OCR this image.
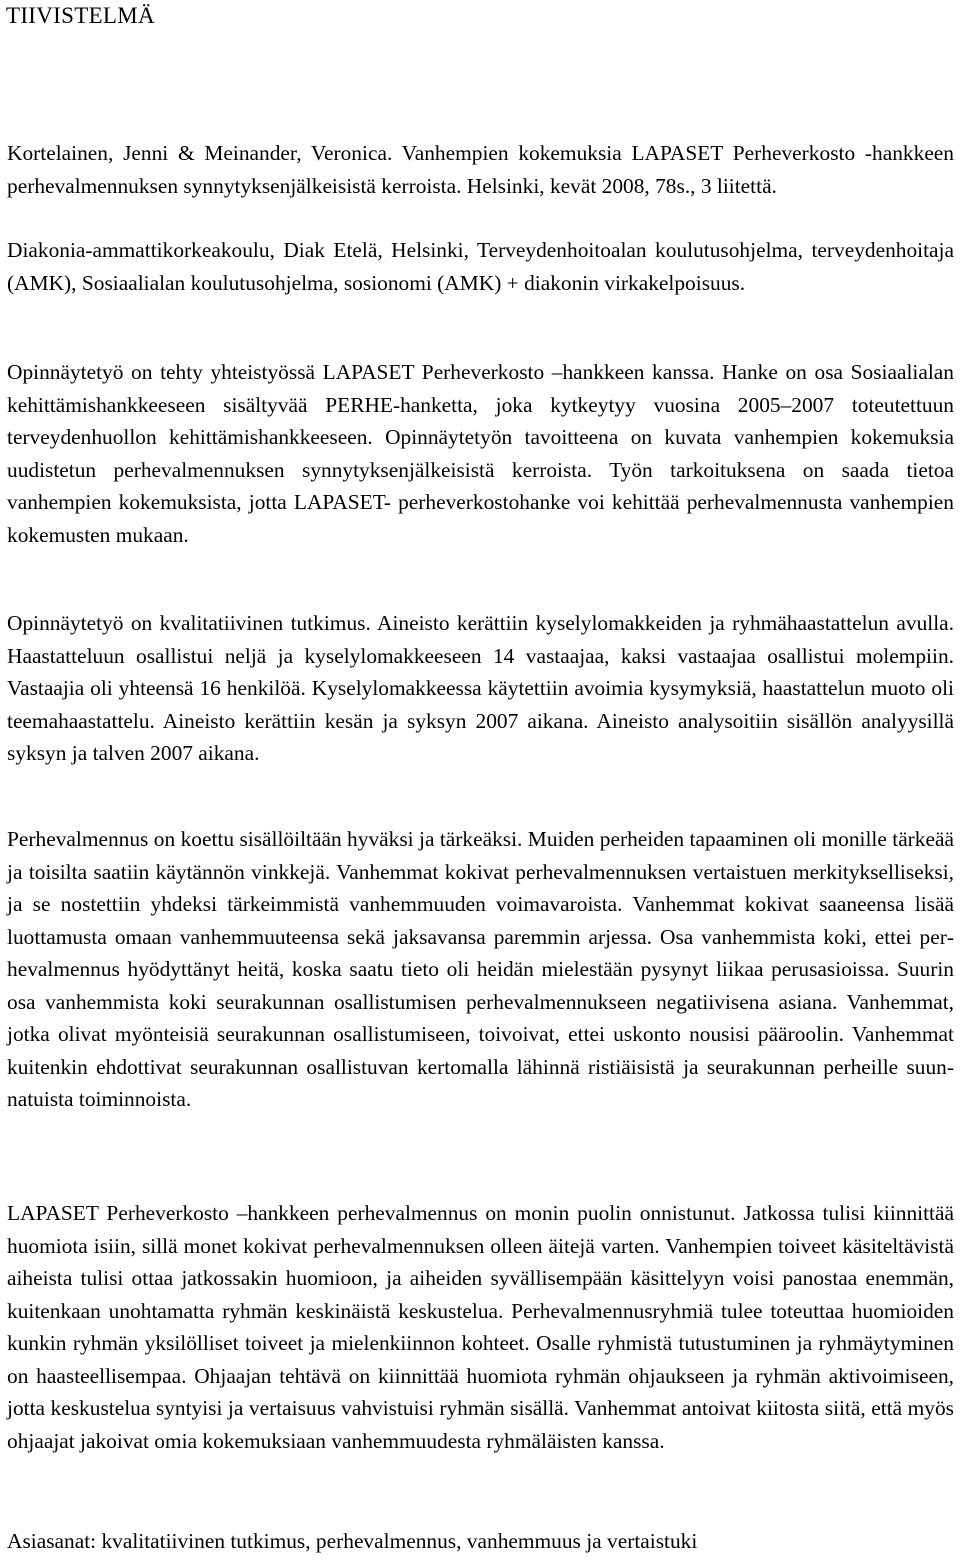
TIIVISTELMÄ

Kortelainen, Jenni & Meinander, Veronica. Vanhempien kokemuksia LAPASET Perheverkosto -hankkeen perhevalmennuksen synnytyksenjälkeisistä kerroista. Helsinki, kevät 2008, 78s., 3 liitettä.

Diakonia-ammattikorkeakoulu, Diak Etelä, Helsinki, Terveydenhoitoalan koulutusohjelma, terveydenhoitaja (AMK), Sosiaalialan koulutusohjelma, sosionomi (AMK) + diakonin virkakelpoisuus.

Opinnäytetyö on tehty yhteistyössä LAPASET Perheverkosto –hankkeen kanssa. Hanke on osa Sosiaalialan kehittämishankkeeseen sisältyvää PERHE-hanketta, joka kytkeytyy vuosina 2005–2007 toteutettuun terveydenhuollon kehittämishankkeeseen. Opinnäytetyön tavoitteena on kuvata vanhempien kokemuksia uudistetun perhevalmennuksen synnytyksenjälkeisistä kerroista. Työn tarkoituksena on saada tietoa vanhempien kokemuksista, jotta LAPASET- perheverkostohanke voi kehittää perhevalmennusta vanhempien kokemusten mukaan.

Opinnäytetyö on kvalitatiivinen tutkimus. Aineisto kerättiin kyselylomakkeiden ja ryhmähaastattelun avulla. Haastatteluun osallistui neljä ja kyselylomakkeeseen 14 vastaajaa, kaksi vastaajaa osallistui molempiin. Vastaajia oli yhteensä 16 henkilöä. Kyselylomakkeessa käytettiin avoimia kysymyksiä, haastattelun muoto oli teemahaastattelu. Aineisto kerättiin kesän ja syksyn 2007 aikana. Aineisto analysoitiin sisällön analyysillä syksyn ja talven 2007 aikana.

Perhevalmennus on koettu sisällöiltään hyväksi ja tärkeäksi. Muiden perheiden tapaaminen oli monille tärkeää ja toisilta saatiin käytännön vinkkejä. Vanhemmat kokivat perhevalmennuksen vertaistuen merkitykselliseksi, ja se nostettiin yhdeksi tärkeimmistä vanhemmuuden voimavaroista. Vanhemmat kokivat saaneensa lisää luottamusta omaan vanhemmuuteensa sekä jaksavansa paremmin arjessa. Osa vanhemmista koki, ettei perhevalmennus hyödyttänyt heitä, koska saatu tieto oli heidän mielestään pysynyt liikaa perusasioissa. Suurin osa vanhemmista koki seurakunnan osallistumisen perhevalmennukseen negatiivisena asiana. Vanhemmat, jotka olivat myönteisiä seurakunnan osallistumiseen, toivoivat, ettei uskonto nousisi pääroolin. Vanhemmat kuitenkin ehdottivat seurakunnan osallistuvan kertomalla lähinnä ristiäisistä ja seurakunnan perheille suunnatuista toiminnoista.

LAPASET Perheverkosto –hankkeen perhevalmennus on monin puolin onnistunut. Jatkossa tulisi kiinnittää huomiota isiin, sillä monet kokivat perhevalmennuksen olleen äitejä varten. Vanhempien toiveet käsiteltävistä aiheista tulisi ottaa jatkossakin huomioon, ja aiheiden syvällisempään käsittelyyn voisi panostaa enemmän, kuitenkaan unohtamatta ryhmän keskinäistä keskustelua. Perhevalmennusryhmiä tulee toteuttaa huomioiden kunkin ryhmän yksilölliset toiveet ja mielenkiinnon kohteet. Osalle ryhmistä tutustuminen ja ryhmäytyminen on haasteellisempaa. Ohjaajan tehtävä on kiinnittää huomiota ryhmän ohjaukseen ja ryhmän aktivoimiseen, jotta keskustelua syntyisi ja vertaisuus vahvistuisi ryhmän sisällä. Vanhemmat antoivat kiitosta siitä, että myös ohjaajat jakoivat omia kokemuksiaan vanhemmuudesta ryhmäläisten kanssa.

Asiasanat: kvalitatiivinen tutkimus, perhevalmennus, vanhemmuus ja vertaistuki
